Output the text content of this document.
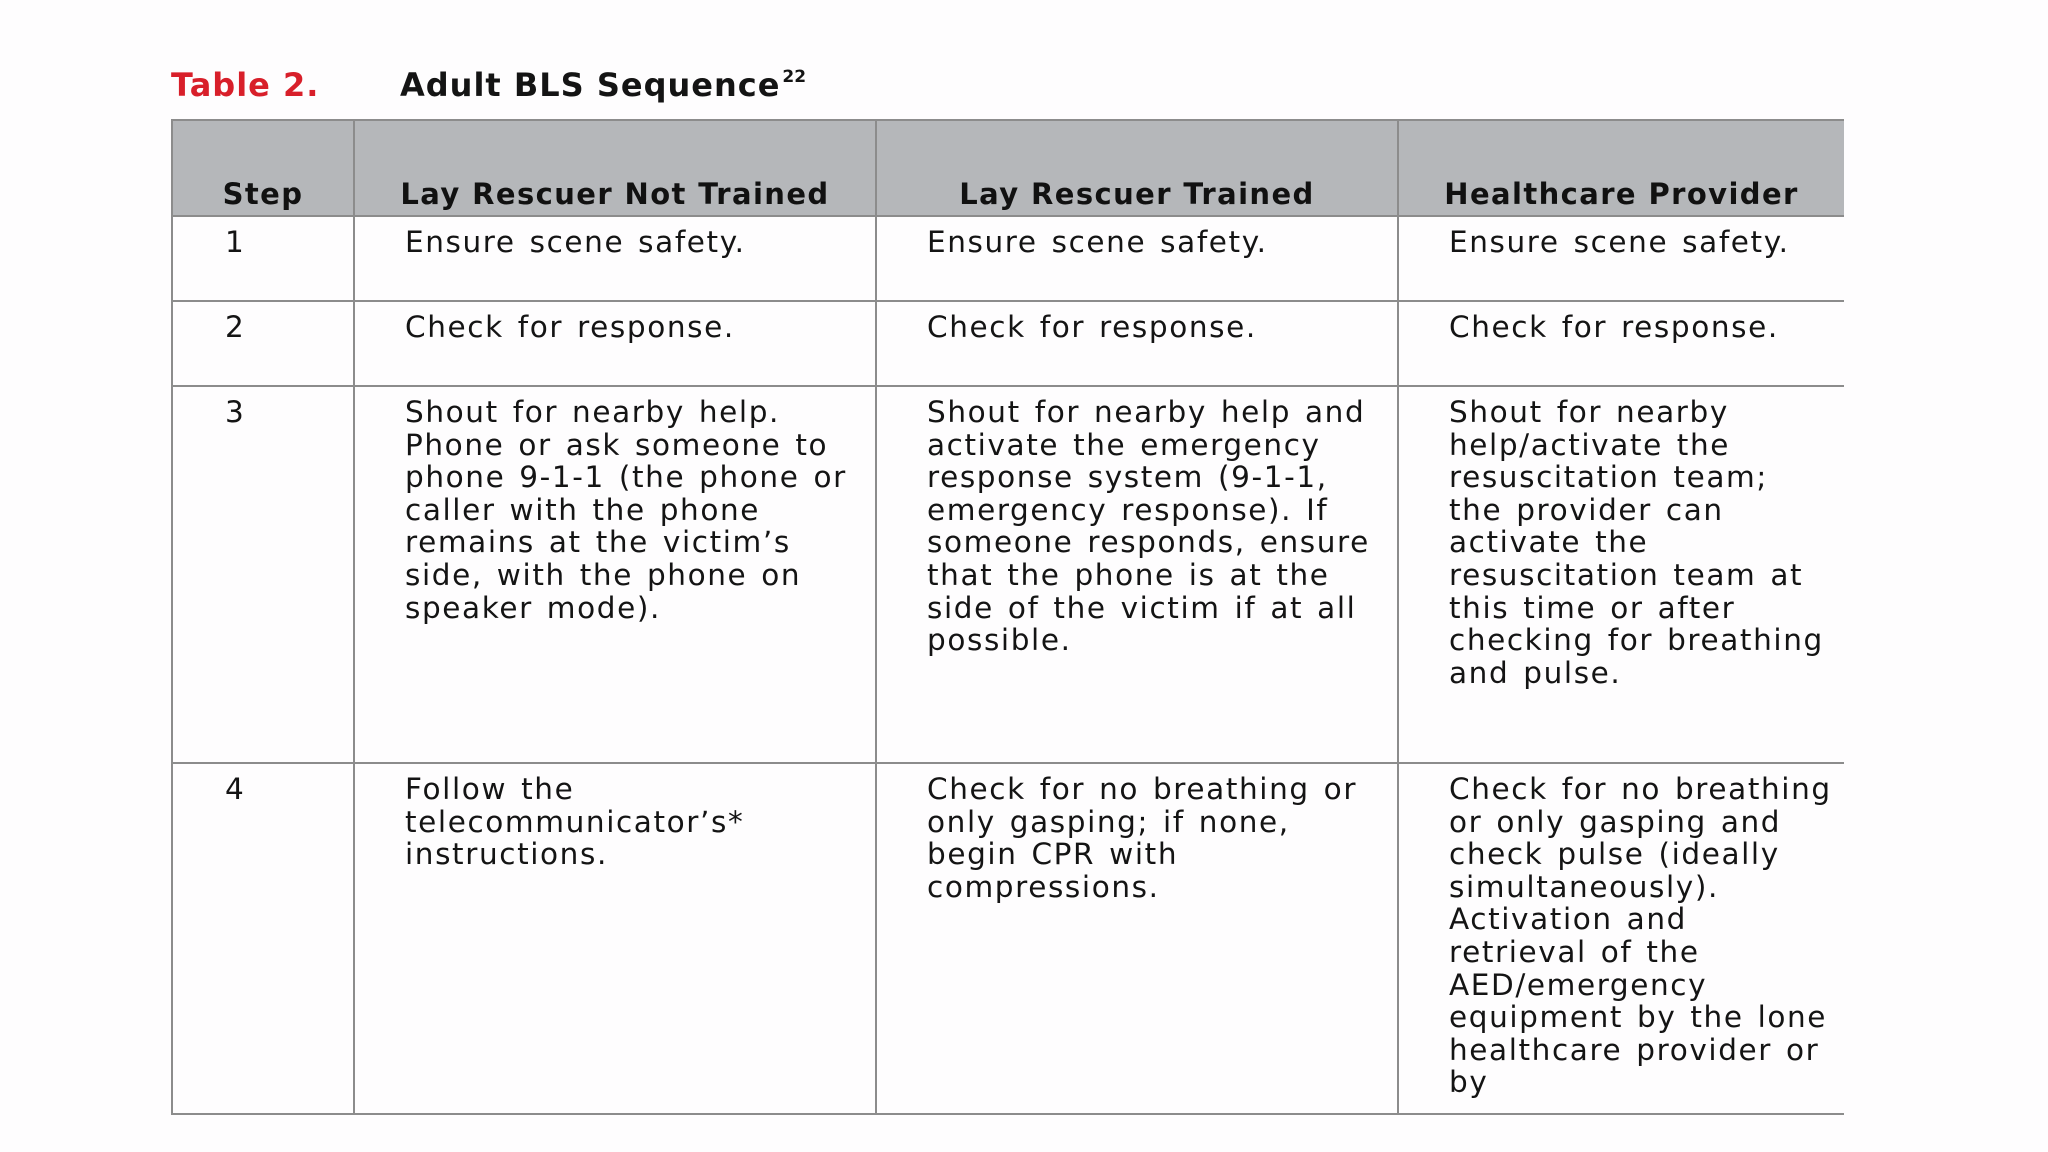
Table 2.	Adult BLS Sequence $^{22}$
Step	Lay Rescuer Not Trained	Lay Rescuer Trained	Healthcare Provider
1	Ensure scene safety.	Ensure scene safety.	Ensure scene safety.
2	Check for response.	Check for response.	Check for response.
3	Shout for nearby help. Phone or ask someone to phone 9-1-1 (the phone or caller with the phone remains at the victim’s side, with the phone on speaker mode).	Shout for nearby help and activate the emergency response system (9-1-1, emergency response). If someone responds, ensure that the phone is at the side of the victim if at all possible.	Shout for nearby help/activate the resuscitation team; the provider can activate the resuscitation team at this time or after checking for breathing and pulse.
4	Follow the telecommunicator’s* instructions.	Check for no breathing or only gasping; if none, begin CPR with compressions.	Check for no breathing or only gasping and check pulse (ideally simultaneously). Activation and retrieval of the AED/emergency equipment by the lone healthcare provider or by
